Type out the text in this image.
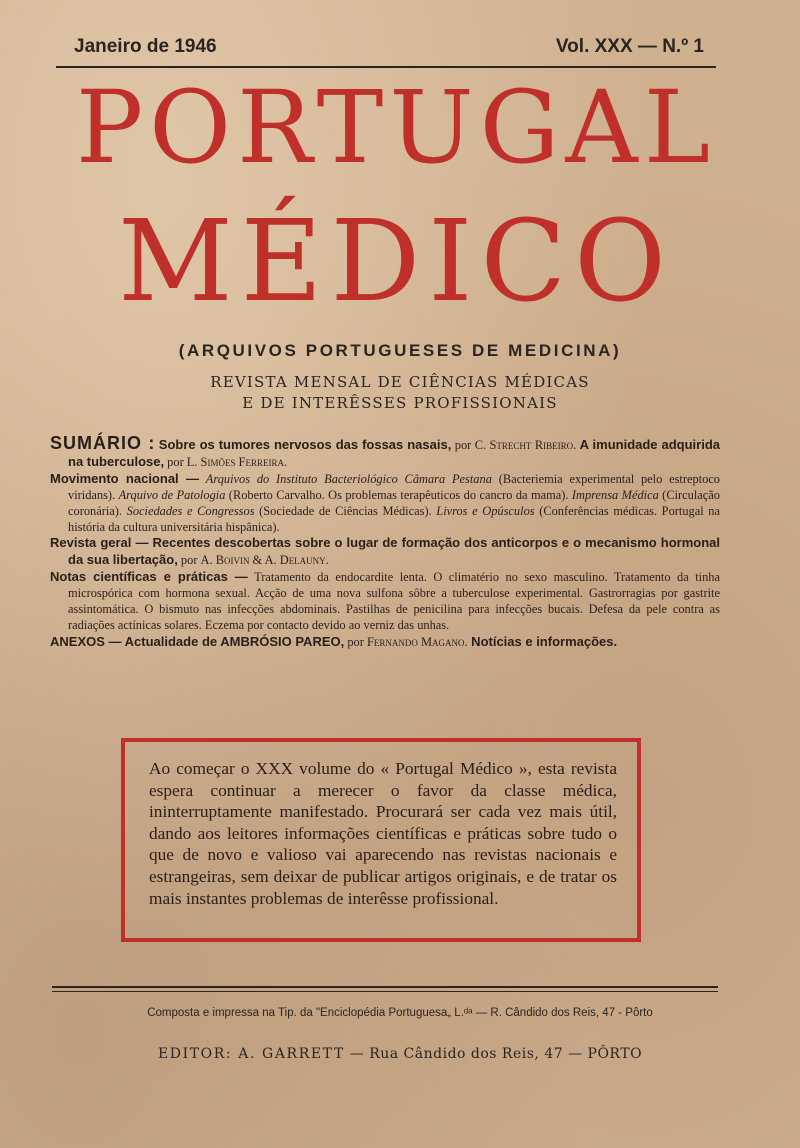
Janeiro de 1946	Vol. XXX — N.º 1
PORTUGAL
MÉDICO
(ARQUIVOS PORTUGUESES DE MEDICINA)
REVISTA MENSAL DE CIÊNCIAS MÉDICAS
E DE INTERÊSSES PROFISSIONAIS

SUMÁRIO : Sobre os tumores nervosos das fossas nasais, por C. Strecht Ribeiro. A imunidade adquirida na tuberculose, por L. Simões Ferreira.

Movimento nacional — Arquivos do Instituto Bacteriológico Câmara Pestana (Bacteriemia experimental pelo estreptoco viridans). Arquivo de Patologia (Roberto Carvalho. Os problemas terapêuticos do cancro da mama). Imprensa Médica (Circulação coronária). Sociedades e Congressos (Sociedade de Ciências Médicas). Livros e Opúsculos (Conferências médicas. Portugal na história da cultura universitária hispânica).

Revista geral — Recentes descobertas sobre o lugar de formação dos anticorpos e o mecanismo hormonal da sua libertação, por A. Boivin & A. Delauny.

Notas científicas e práticas — Tratamento da endocardite lenta. O climatério no sexo masculino. Tratamento da tinha microspórica com hormona sexual. Acção de uma nova sulfona sôbre a tuberculose experimental. Gastrorragias por gastrite assintomática. O bismuto nas infecções abdominais. Pastilhas de penicilina para infecções bucais. Defesa da pele contra as radiações actínicas solares. Eczema por contacto devido ao verniz das unhas.

ANEXOS — Actualidade de AMBRÓSIO PAREO, por Fernando Magano. Notícias e informações.

Ao começar o XXX volume do « Portugal Médico », esta revista espera continuar a merecer o favor da classe médica, ininterruptamente manifestado. Procurará ser cada vez mais útil, dando aos leitores informações científicas e práticas sobre tudo o que de novo e valioso vai aparecendo nas revistas nacionais e estrangeiras, sem deixar de publicar artigos originais, e de tratar os mais instantes problemas de interêsse profissional.
Composta e impressa na Tip. da "Enciclopédia Portuguesa„ L.ᵈᵃ — R. Cândido dos Reis, 47 - Pôrto
EDITOR: A. GARRETT — Rua Cândido dos Reis, 47 — PÔRTO
